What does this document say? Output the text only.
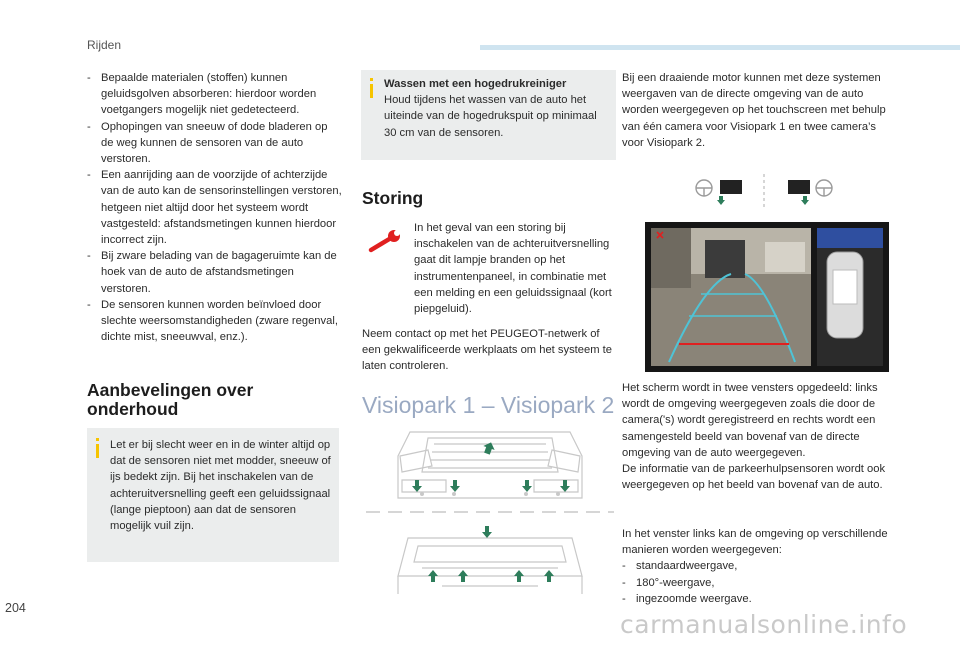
Rijden
- Bepaalde materialen (stoffen) kunnen geluidsgolven absorberen: hierdoor worden voetgangers mogelijk niet gedetecteerd.
- Ophopingen van sneeuw of dode bladeren op de weg kunnen de sensoren van de auto verstoren.
- Een aanrijding aan de voorzijde of achterzijde van de auto kan de sensorinstellingen verstoren, hetgeen niet altijd door het systeem wordt vastgesteld: afstandsmetingen kunnen hierdoor incorrect zijn.
- Bij zware belading van de bagageruimte kan de hoek van de auto de afstandsmetingen verstoren.
- De sensoren kunnen worden beïnvloed door slechte weersomstandigheden (zware regenval, dichte mist, sneeuwval, enz.).
Aanbevelingen over onderhoud
Let er bij slecht weer en in de winter altijd op dat de sensoren niet met modder, sneeuw of ijs bedekt zijn. Bij het inschakelen van de achteruitversnelling geeft een geluidssignaal (lange pieptoon) aan dat de sensoren mogelijk vuil zijn.

Wassen met een hogedrukreiniger

Houd tijdens het wassen van de auto het uiteinde van de hogedrukspuit op minimaal 30 cm van de sensoren.

Storing
In het geval van een storing bij inschakelen van de achteruitversnelling gaat dit lampje branden op het instrumentenpaneel, in combinatie met een melding en een geluidssignaal (kort piepgeluid).
Neem contact op met het PEUGEOT-netwerk of een gekwalificeerde werkplaats om het systeem te laten controleren.
Visiopark 1 – Visiopark 2
Bij een draaiende motor kunnen met deze systemen weergaven van de directe omgeving van de auto worden weergegeven op het touchscreen met behulp van één camera voor Visiopark 1 en twee camera’s voor Visiopark 2.

Het scherm wordt in twee vensters opgedeeld: links wordt de omgeving weergegeven zoals die door de camera('s) wordt geregistreerd en rechts wordt een samengesteld beeld van bovenaf van de directe omgeving van de auto weergegeven.

De informatie van de parkeerhulpsensoren wordt ook weergegeven op het beeld van bovenaf van de auto.

In het venster links kan de omgeving op verschillende manieren worden weergegeven:

- standaardweergave,
- 180°-weergave,
- ingezoomde weergave.
204
carmanualsonline.info
